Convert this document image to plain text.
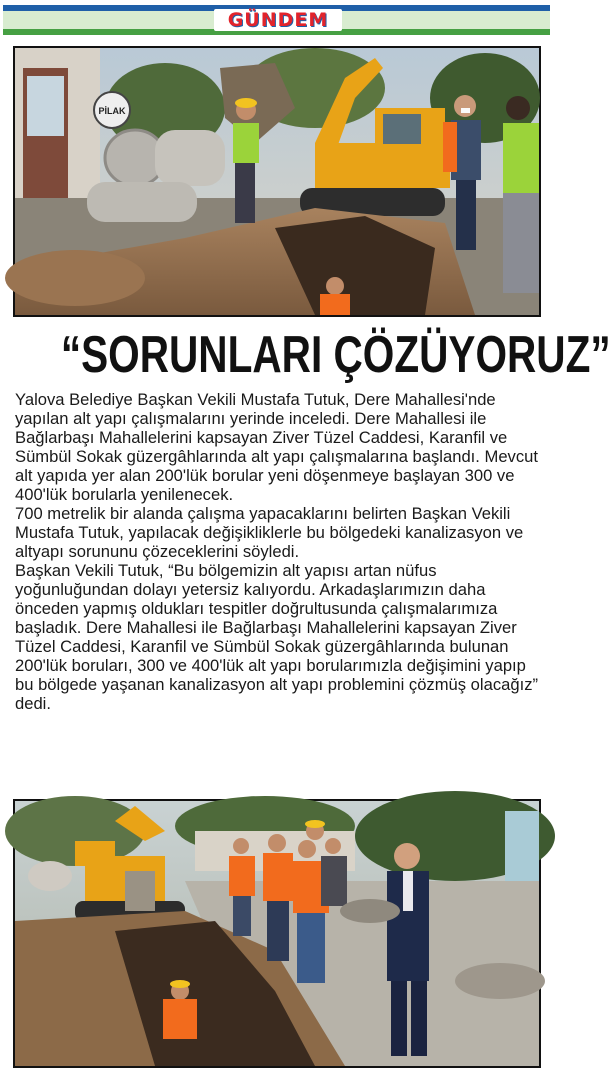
GÜNDEM
PİLAK
“SORUNLARI ÇÖZÜYORUZ”

Yalova Belediye Başkan Vekili Mustafa Tutuk, Dere Mahallesi'nde yapılan alt yapı çalışmalarını yerinde inceledi. Dere Mahallesi ile Bağlarbaşı Mahallelerini kapsayan Ziver Tüzel Caddesi, Karanfil ve Sümbül Sokak güzergâhlarında alt yapı çalışmalarına başlandı. Mevcut alt yapıda yer alan 200'lük borular yeni döşenmeye başlayan 300 ve 400'lük borularla yenilenecek.

700 metrelik bir alanda çalışma yapacaklarını belirten Başkan Vekili Mustafa Tutuk, yapılacak değişikliklerle bu bölgedeki kanalizasyon ve altyapı sorununu çözeceklerini söyledi.

Başkan Vekili Tutuk, “Bu bölgemizin alt yapısı artan nüfus yoğunluğundan dolayı yetersiz kalıyordu. Arkadaşlarımızın daha önceden yapmış oldukları tespitler doğrultusunda çalışmalarımıza başladık. Dere Mahallesi ile Bağlarbaşı Mahallelerini kapsayan Ziver Tüzel Caddesi, Karanfil ve Sümbül Sokak güzergâhlarında bulunan 200'lük boruları, 300 ve 400'lük alt yapı borularımızla değişimini yapıp bu bölgede yaşanan kanalizasyon alt yapı problemini çözmüş olacağız” dedi.
